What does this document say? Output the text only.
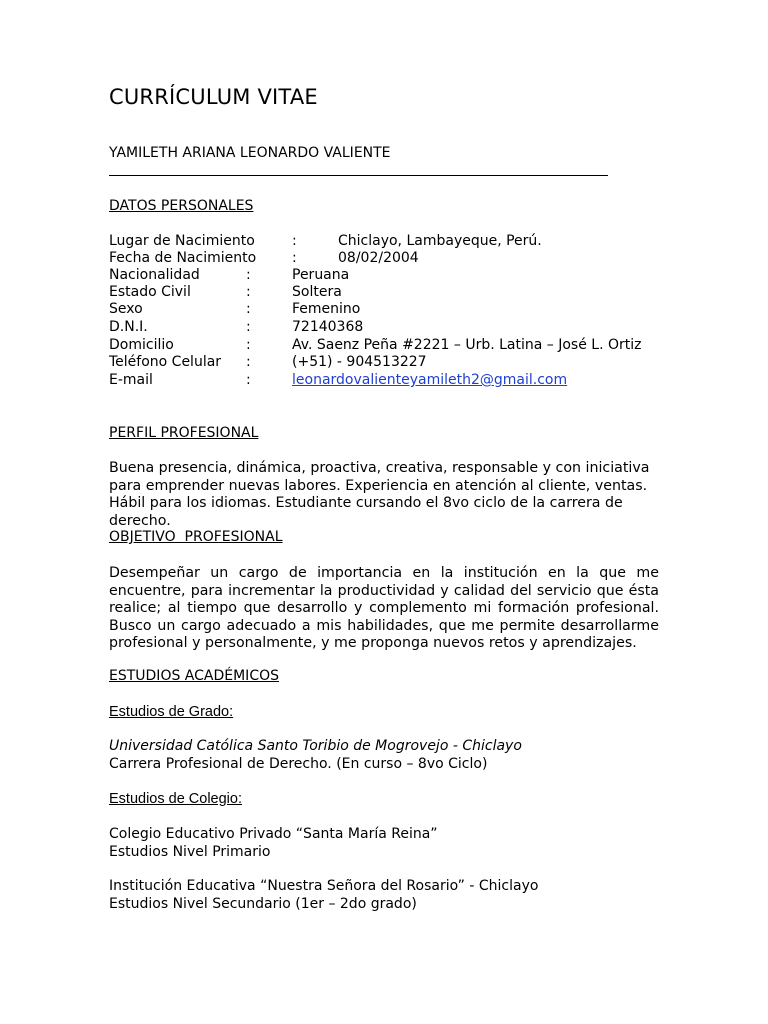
CURRÍCULUM VITAE
YAMILETH ARIANA LEONARDO VALIENTE
DATOS PERSONALES
Lugar de Nacimiento	:	Chiclayo, Lambayeque, Perú.
Fecha de Nacimiento	:	08/02/2004
Nacionalidad	:	Peruana
Estado Civil	:	Soltera
Sexo	:	Femenino
D.N.I.	:	72140368
Domicilio	:	Av. Saenz Peña #2221 – Urb. Latina – José L. Ortiz
Teléfono Celular :	(+51) - 904513227
E-mail	:	leonardovalienteyamileth2@gmail.com
PERFIL PROFESIONAL

Buena presencia, dinámica, proactiva, creativa, responsable y con iniciativa para emprender nuevas labores. Experiencia en atención al cliente, ventas. Hábil para los idiomas. Estudiante cursando el 8vo ciclo de la carrera de derecho.

OBJETIVO  PROFESIONAL

Desempeñar un cargo de importancia en la institución en la que me encuentre, para incrementar la productividad y calidad del servicio que ésta realice; al tiempo que desarrollo y complemento mi formación profesional. Busco un cargo adecuado a mis habilidades, que me permite desarrollarme profesional y personalmente, y me proponga nuevos retos y aprendizajes.

ESTUDIOS ACADÉMICOS
Estudios de Grado:
Universidad Católica Santo Toribio de Mogrovejo - Chiclayo
Carrera Profesional de Derecho. (En curso – 8vo Ciclo)
Estudios de Colegio:
Colegio Educativo Privado “Santa María Reina”
Estudios Nivel Primario
Institución Educativa “Nuestra Señora del Rosario” - Chiclayo
Estudios Nivel Secundario (1er – 2do grado)
